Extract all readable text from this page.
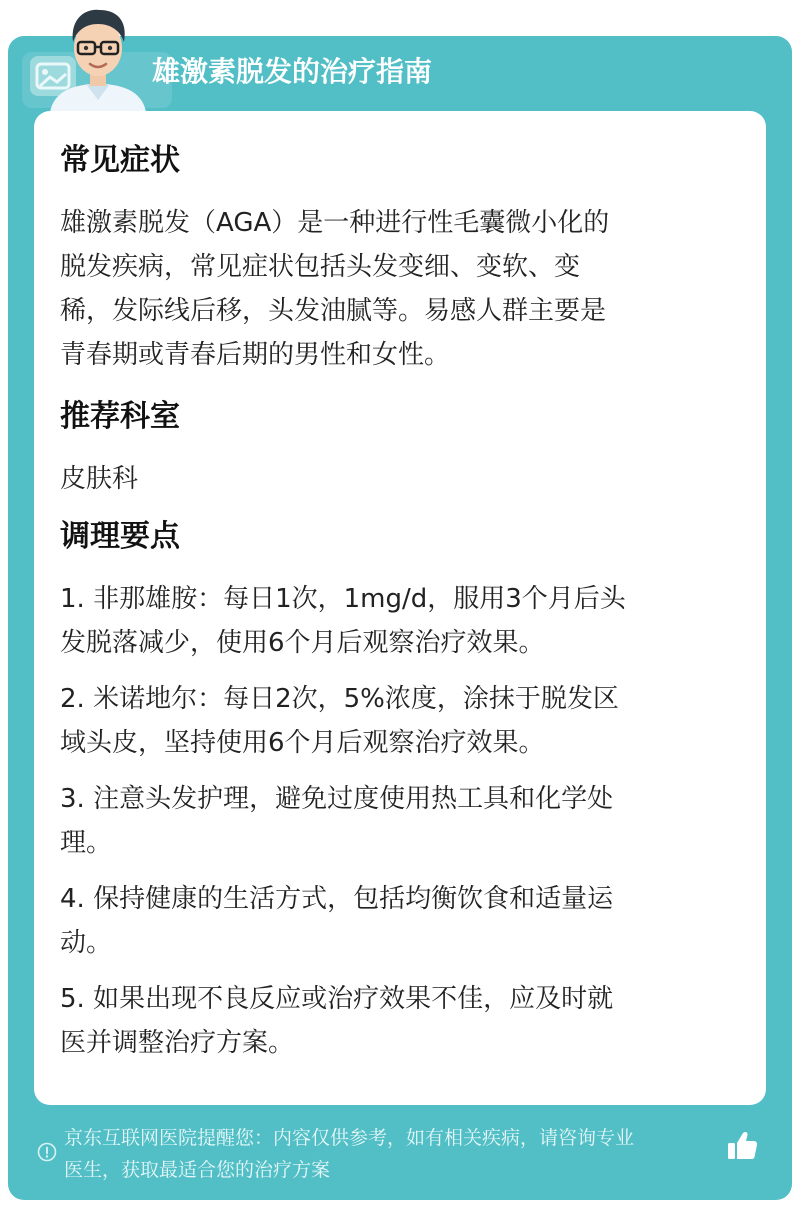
雄激素脱发的治疗指南
常见症状
雄激素脱发（AGA）是一种进行性毛囊微小化的
脱发疾病，常见症状包括头发变细、变软、变
稀，发际线后移，头发油腻等。易感人群主要是
青春期或青春后期的男性和女性。
推荐科室
皮肤科
调理要点
1. 非那雄胺：每日1次，1mg/d，服用3个月后头
发脱落减少，使用6个月后观察治疗效果。
2. 米诺地尔：每日2次，5%浓度，涂抹于脱发区
域头皮，坚持使用6个月后观察治疗效果。
3. 注意头发护理，避免过度使用热工具和化学处
理。
4. 保持健康的生活方式，包括均衡饮食和适量运
动。
5. 如果出现不良反应或治疗效果不佳，应及时就
医并调整治疗方案。
京东互联网医院提醒您：内容仅供参考，如有相关疾病，请咨询专业
医生，获取最适合您的治疗方案
